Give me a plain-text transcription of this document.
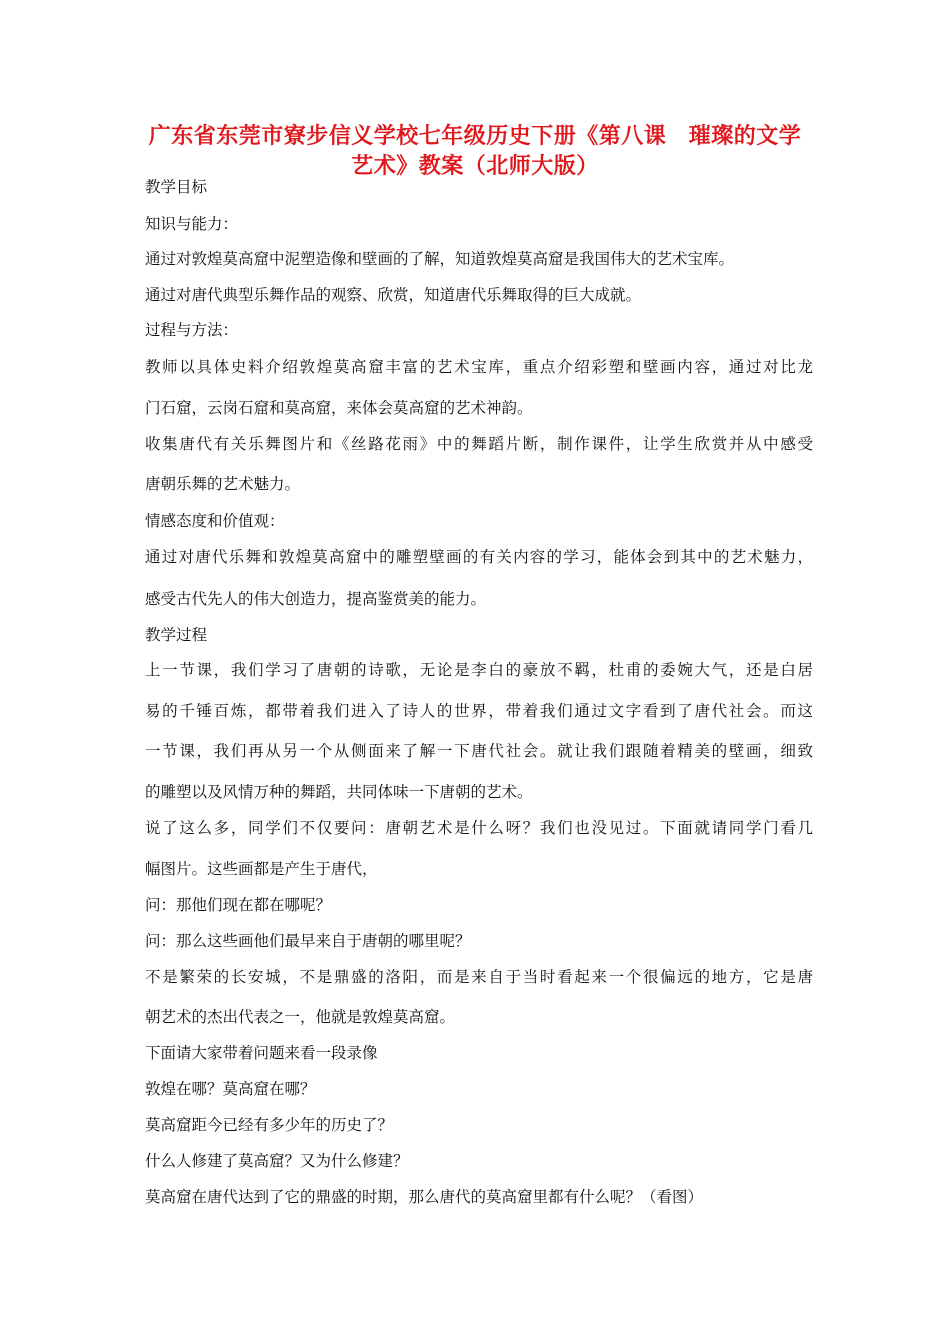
广东省东莞市寮步信义学校七年级历史下册《第八课　璀璨的文学
艺术》教案（北师大版）
教学目标
知识与能力：
通过对敦煌莫高窟中泥塑造像和壁画的了解，知道敦煌莫高窟是我国伟大的艺术宝库。
通过对唐代典型乐舞作品的观察、欣赏，知道唐代乐舞取得的巨大成就。
过程与方法：
教师以具体史料介绍敦煌莫高窟丰富的艺术宝库，重点介绍彩塑和壁画内容，通过对比龙
门石窟，云岗石窟和莫高窟，来体会莫高窟的艺术神韵。
收集唐代有关乐舞图片和《丝路花雨》中的舞蹈片断，制作课件，让学生欣赏并从中感受
唐朝乐舞的艺术魅力。
情感态度和价值观：
通过对唐代乐舞和敦煌莫高窟中的雕塑壁画的有关内容的学习，能体会到其中的艺术魅力，
感受古代先人的伟大创造力，提高鉴赏美的能力。
教学过程
上一节课，我们学习了唐朝的诗歌，无论是李白的豪放不羁，杜甫的委婉大气，还是白居
易的千锤百炼，都带着我们进入了诗人的世界，带着我们通过文字看到了唐代社会。而这
一节课，我们再从另一个从侧面来了解一下唐代社会。就让我们跟随着精美的壁画，细致
的雕塑以及风情万种的舞蹈，共同体味一下唐朝的艺术。
说了这么多，同学们不仅要问：唐朝艺术是什么呀？我们也没见过。下面就请同学门看几
幅图片。这些画都是产生于唐代，
问：那他们现在都在哪呢？
问：那么这些画他们最早来自于唐朝的哪里呢？
不是繁荣的长安城，不是鼎盛的洛阳，而是来自于当时看起来一个很偏远的地方，它是唐
朝艺术的杰出代表之一，他就是敦煌莫高窟。
下面请大家带着问题来看一段录像
敦煌在哪？莫高窟在哪？
莫高窟距今已经有多少年的历史了？
什么人修建了莫高窟？又为什么修建？
莫高窟在唐代达到了它的鼎盛的时期，那么唐代的莫高窟里都有什么呢？（看图）
